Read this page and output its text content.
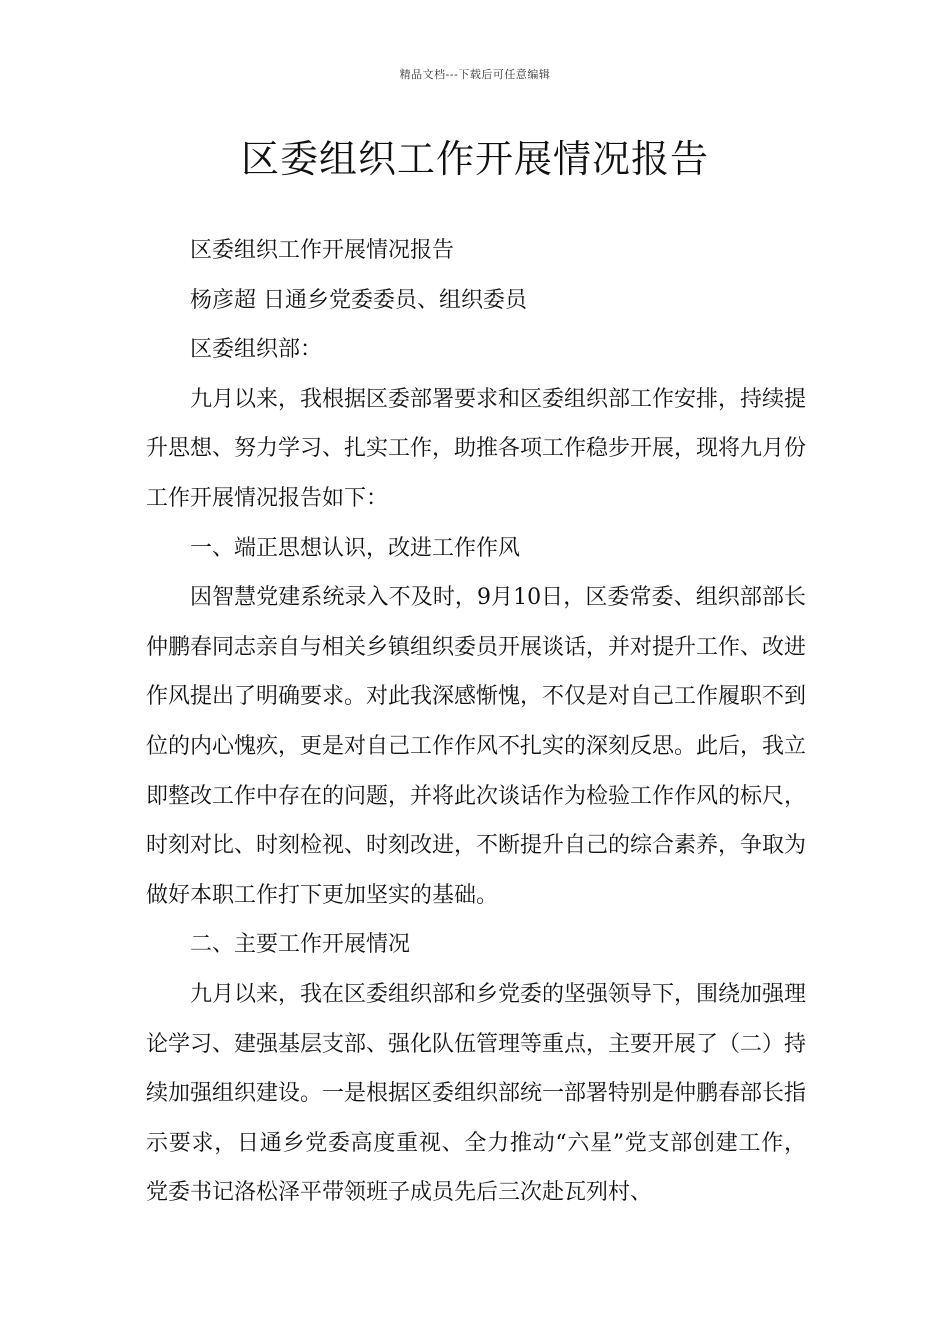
精品文档---下载后可任意编辑
区委组织工作开展情况报告

区委组织工作开展情况报告

杨彦超 日通乡党委委员、组织委员

区委组织部：

九月以来，我根据区委部署要求和区委组织部工作安排，持续提升思想、努力学习、扎实工作，助推各项工作稳步开展，现将九月份工作开展情况报告如下：

一、端正思想认识，改进工作作风

因智慧党建系统录入不及时，9月10日，区委常委、组织部部长仲鹏春同志亲自与相关乡镇组织委员开展谈话，并对提升工作、改进作风提出了明确要求。对此我深感惭愧，不仅是对自己工作履职不到位的内心愧疚，更是对自己工作作风不扎实的深刻反思。此后，我立即整改工作中存在的问题，并将此次谈话作为检验工作作风的标尺，时刻对比、时刻检视、时刻改进，不断提升自己的综合素养，争取为做好本职工作打下更加坚实的基础。

二、主要工作开展情况

九月以来，我在区委组织部和乡党委的坚强领导下，围绕加强理论学习、建强基层支部、强化队伍管理等重点，主要开展了（二）持续加强组织建设。一是根据区委组织部统一部署特别是仲鹏春部长指示要求，日通乡党委高度重视、全力推动“六星”党支部创建工作，党委书记洛松泽平带领班子成员先后三次赴瓦列村、
